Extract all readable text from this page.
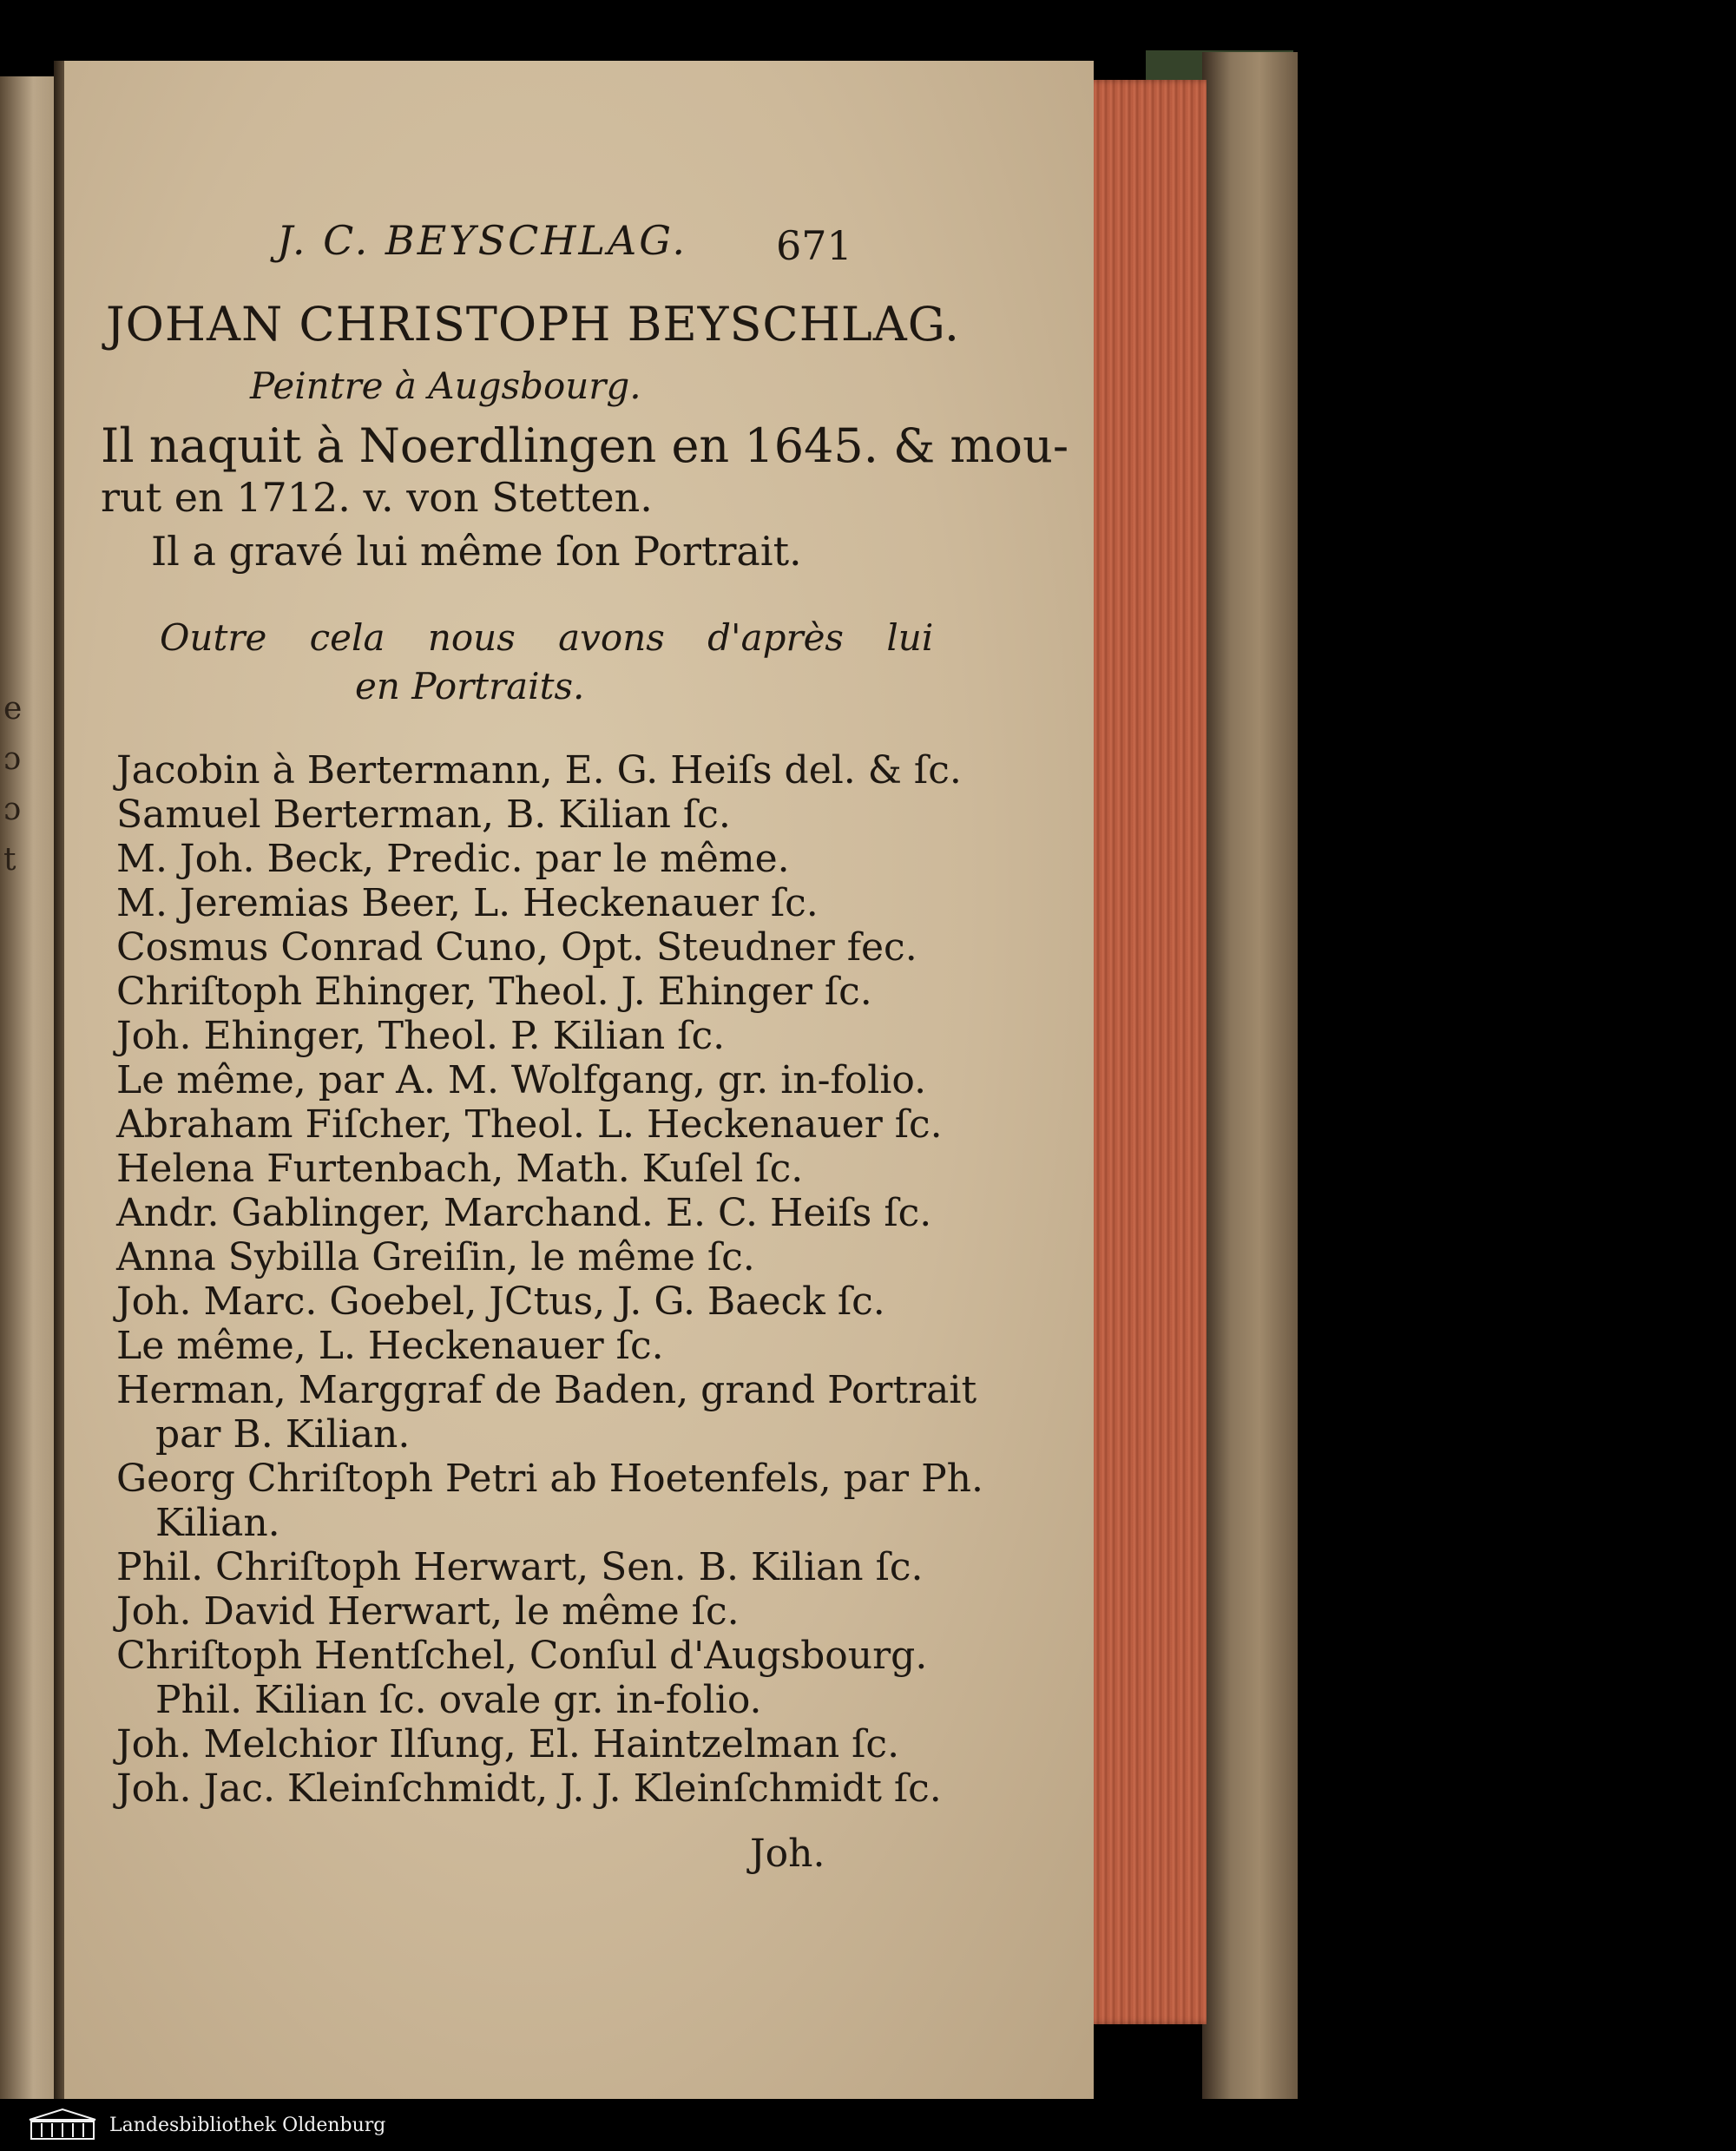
e
ɔ
ɔ
t
J. C. BEYSCHLAG. 671
JOHAN CHRISTOPH BEYSCHLAG.
Peintre à Augsbourg.
Il naquit à Noerdlingen en 1645. & mou-
rut en 1712. v. von Stetten.
Il a gravé lui même ſon Portrait.
Outre cela nous avons d'après lui
en Portraits.
Jacobin à Bertermann, E. G. Heiſs del. & ſc.
Samuel Berterman, B. Kilian ſc.
M. Joh. Beck, Predic. par le même.
M. Jeremias Beer, L. Heckenauer ſc.
Cosmus Conrad Cuno, Opt. Steudner fec.
Chriſtoph Ehinger, Theol. J. Ehinger ſc.
Joh. Ehinger, Theol. P. Kilian ſc.
Le même, par A. M. Wolfgang, gr. in-folio.
Abraham Fiſcher, Theol. L. Heckenauer ſc.
Helena Furtenbach, Math. Kuſel ſc.
Andr. Gablinger, Marchand. E. C. Heiſs ſc.
Anna Sybilla Greiſin, le même ſc.
Joh. Marc. Goebel, JCtus, J. G. Baeck ſc.
Le même, L. Heckenauer ſc.
Herman, Marggraf de Baden, grand Portrait
par B. Kilian.
Georg Chriſtoph Petri ab Hoetenfels, par Ph.
Kilian.
Phil. Chriſtoph Herwart, Sen. B. Kilian ſc.
Joh. David Herwart, le même ſc.
Chriſtoph Hentſchel, Conſul d'Augsbourg.
Phil. Kilian ſc. ovale gr. in-folio.
Joh. Melchior Ilſung, El. Haintzelman ſc.
Joh. Jac. Kleinſchmidt, J. J. Kleinſchmidt ſc.
Joh.
Landesbibliothek Oldenburg
